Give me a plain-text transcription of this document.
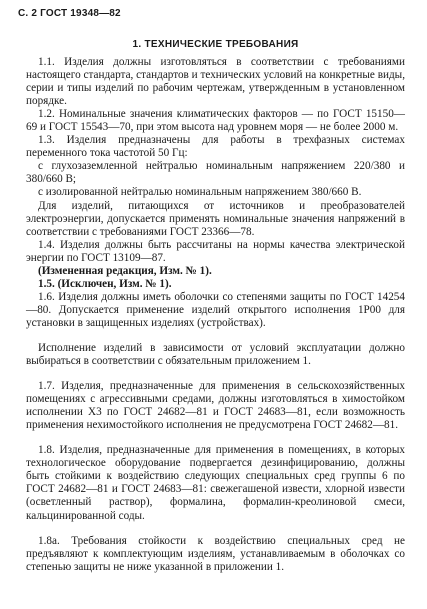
С. 2 ГОСТ 19348—82
1. ТЕХНИЧЕСКИЕ ТРЕБОВАНИЯ

1.1. Изделия должны изготовляться в соответствии с требованиями настоящего стандарта, стандартов и технических условий на конкретные виды, серии и типы изделий по рабочим чертежам, утвержденным в установленном порядке.

1.2. Номинальные значения климатических факторов — по ГОСТ 15150—69 и ГОСТ 15543—70, при этом высота над уровнем моря — не более 2000 м.

1.3. Изделия предназначены для работы в трехфазных системах переменного тока частотой 50 Гц:

с глухозаземленной нейтралью номинальным напряжением 220/380 и 380/660 В;

с изолированной нейтралью номинальным напряжением 380/660 В.

Для изделий, питающихся от источников и преобразователей электроэнергии, допускается применять номинальные значения напряжений в соответствии с требованиями ГОСТ 23366—78.

1.4. Изделия должны быть рассчитаны на нормы качества электрической энергии по ГОСТ 13109—87.

(Измененная редакция, Изм. № 1).

1.5. (Исключен, Изм. № 1).

1.6. Изделия должны иметь оболочки со степенями защиты по ГОСТ 14254—80. Допускается применение изделий открытого исполнения 1Р00 для установки в защищенных изделиях (устройствах).

Исполнение изделий в зависимости от условий эксплуатации должно выбираться в соответствии с обязательным приложением 1.

1.7. Изделия, предназначенные для применения в сельскохозяйственных помещениях с агрессивными средами, должны изготовляться в химостойком исполнении Х3 по ГОСТ 24682—81 и ГОСТ 24683—81, если возможность применения нехимостойкого исполнения не предусмотрена ГОСТ 24682—81.

1.8. Изделия, предназначенные для применения в помещениях, в которых технологическое оборудование подвергается дезинфицированию, должны быть стойкими к воздействию следующих специальных сред группы 6 по ГОСТ 24682—81 и ГОСТ 24683—81: свежегашеной извести, хлорной извести (осветленный раствор), формалина, формалин-креолиновой смеси, кальцинированной соды.

1.8а. Требования стойкости к воздействию специальных сред не предъявляют к комплектующим изделиям, устанавливаемым в оболочках со степенью защиты не ниже указанной в приложении 1.
